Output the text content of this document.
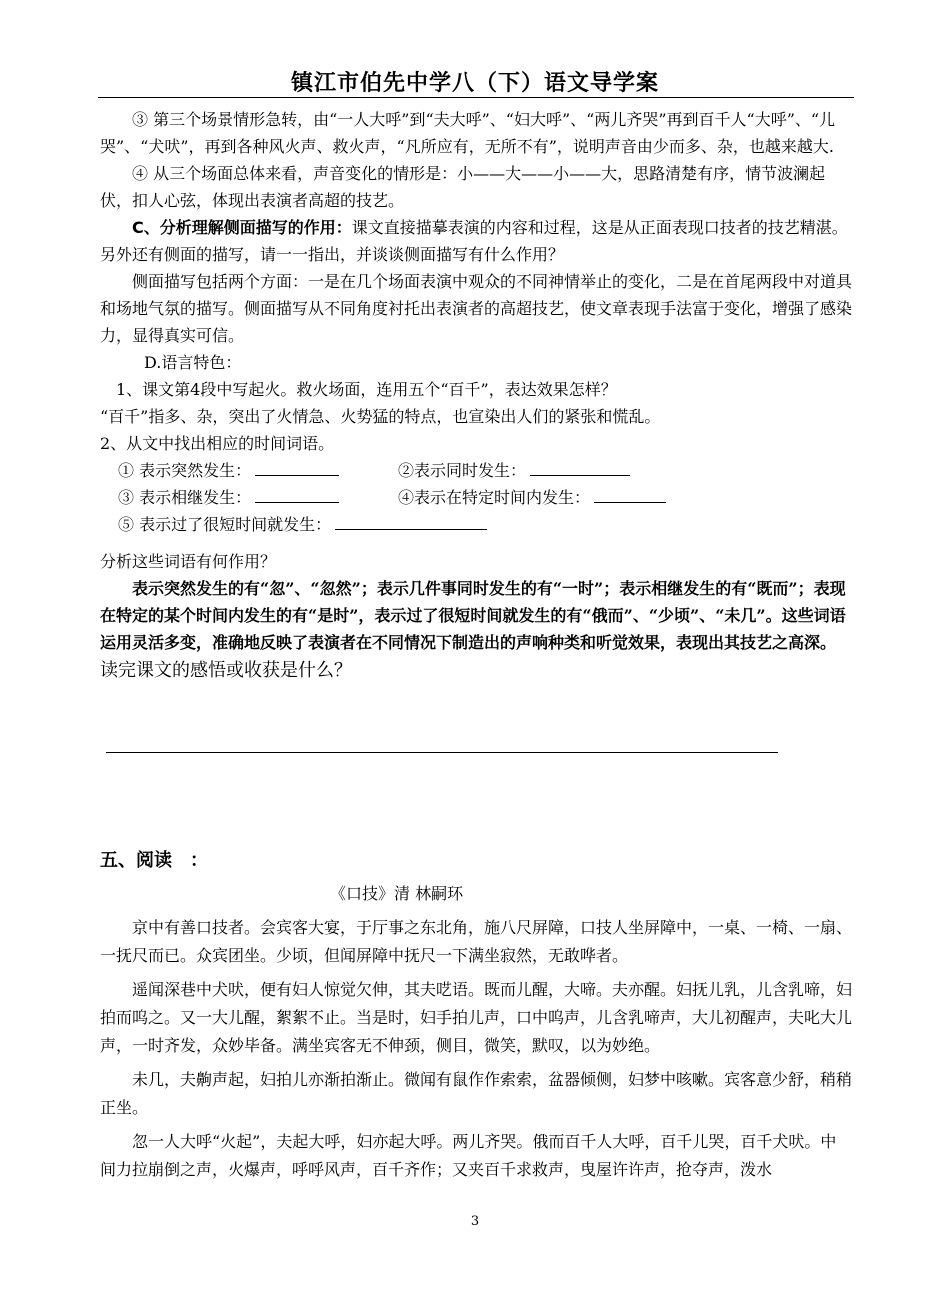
镇江市伯先中学八（下）语文导学案

③ 第三个场景情形急转，由“一人大呼”到“夫大呼”、“妇大呼”、“两儿齐哭”再到百千人“大呼”、“儿哭”、“犬吠”，再到各种风火声、救火声，“凡所应有，无所不有”，说明声音由少而多、杂，也越来越大.

④ 从三个场面总体来看，声音变化的情形是：小——大——小——大，思路清楚有序，情节波澜起伏，扣人心弦，体现出表演者高超的技艺。

C、分析理解侧面描写的作用：课文直接描摹表演的内容和过程，这是从正面表现口技者的技艺精湛。另外还有侧面的描写，请一一指出，并谈谈侧面描写有什么作用？

侧面描写包括两个方面：一是在几个场面表演中观众的不同神情举止的变化，二是在首尾两段中对道具和场地气氛的描写。侧面描写从不同角度衬托出表演者的高超技艺，使文章表现手法富于变化，增强了感染力，显得真实可信。

D.语言特色：

1、课文第4段中写起火。救火场面，连用五个“百千”，表达效果怎样？

“百千”指多、杂，突出了火情急、火势猛的特点，也宣染出人们的紧张和慌乱。

2、从文中找出相应的时间词语。

① 表示突然发生：	②表示同时发生：
③ 表示相继发生：	④表示在特定时间内发生：
⑤ 表示过了很短时间就发生：

分析这些词语有何作用？

表示突然发生的有“忽”、“忽然”；表示几件事同时发生的有“一时”；表示相继发生的有“既而”；表现在特定的某个时间内发生的有“是时”，表示过了很短时间就发生的有“俄而”、“少顷”、“未几”。这些词语运用灵活多变，准确地反映了表演者在不同情况下制造出的声响种类和听觉效果，表现出其技艺之高深。

读完课文的感悟或收获是什么？

五、阅读　：

《口技》清 林嗣环

京中有善口技者。会宾客大宴，于厅事之东北角，施八尺屏障，口技人坐屏障中，一桌、一椅、一扇、一抚尺而已。众宾团坐。少顷，但闻屏障中抚尺一下满坐寂然，无敢哗者。

遥闻深巷中犬吠，便有妇人惊觉欠伸，其夫呓语。既而儿醒，大啼。夫亦醒。妇抚儿乳，儿含乳啼，妇拍而呜之。又一大儿醒，絮絮不止。当是时，妇手拍儿声，口中呜声，儿含乳啼声，大儿初醒声，夫叱大儿声，一时齐发，众妙毕备。满坐宾客无不伸颈，侧目，微笑，默叹，以为妙绝。

未几，夫齁声起，妇拍儿亦渐拍渐止。微闻有鼠作作索索，盆器倾侧，妇梦中咳嗽。宾客意少舒，稍稍正坐。

忽一人大呼“火起”，夫起大呼，妇亦起大呼。两儿齐哭。俄而百千人大呼，百千儿哭，百千犬吠。中间力拉崩倒之声，火爆声，呼呼风声，百千齐作；又夹百千求救声，曳屋许许声，抢夺声，泼水

3
